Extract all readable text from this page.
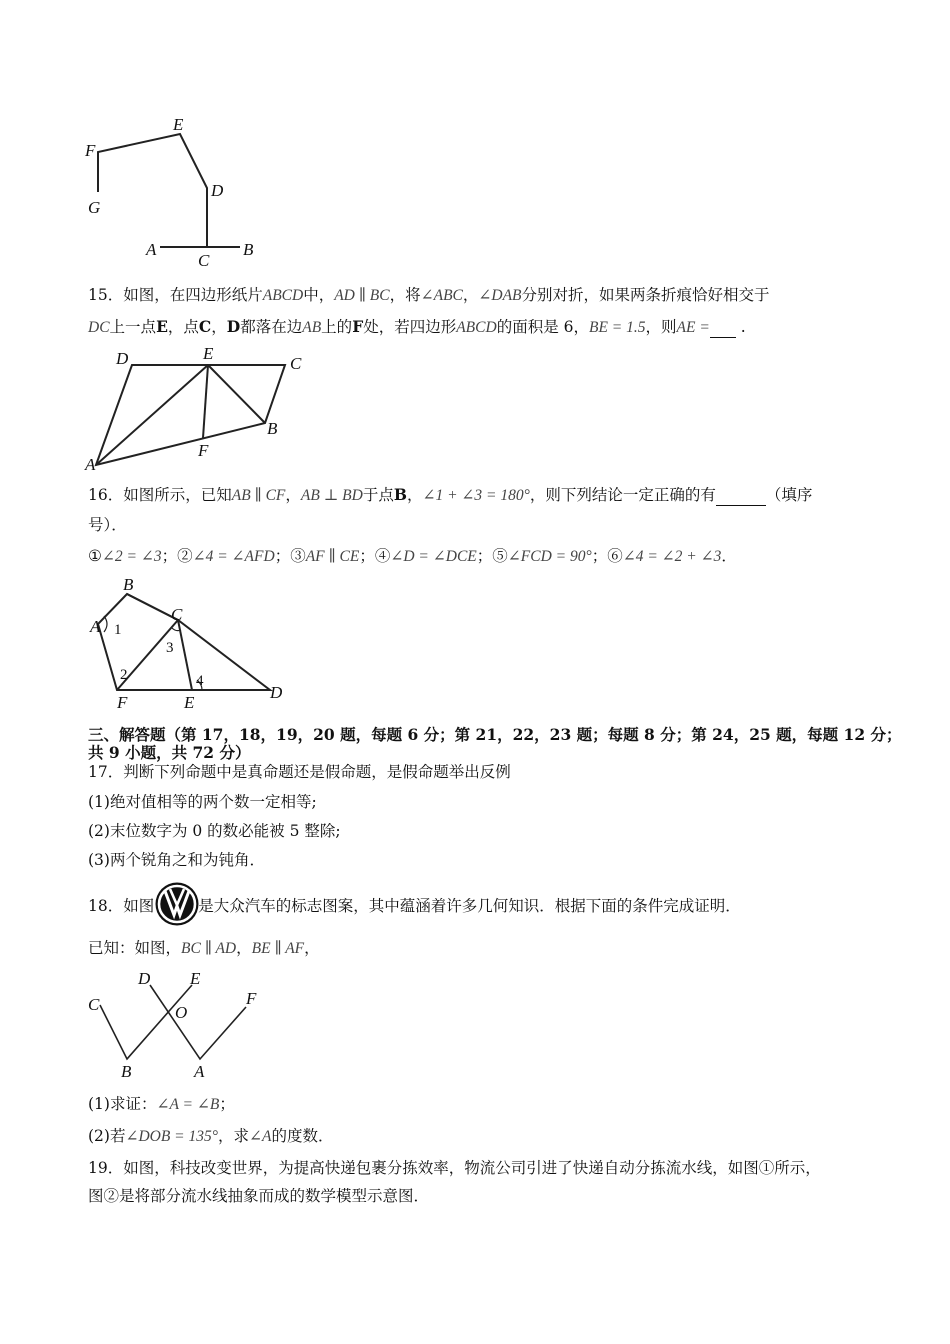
F
E
D
G
A	B
C
15．如图，在四边形纸片ABCD中，AD ∥ BC，将∠ABC，∠DAB分别对折，如果两条折痕恰好相交于
DC上一点E，点C，D都落在边AB上的F处，若四边形ABCD的面积是 6，BE = 1.5，则AE =  .
D	E
C
B
F
A
16．如图所示，已知AB ∥ CF，AB ⊥ BD于点B，∠1 + ∠3 = 180°，则下列结论一定正确的有	（填序
号）．
①∠2 = ∠3；②∠4 = ∠AFD；③AF ∥ CE；④∠D = ∠DCE；⑤∠FCD = 90°；⑥∠4 = ∠2 + ∠3．
B
A 1
C
3
2	4
F	E
D
三、解答题（第 17，18，19，20 题，每题 6 分；第 21，22，23 题；每题 8 分；第 24，25 题，每题 12 分；
共 9 小题，共 72 分）
17．判断下列命题中是真命题还是假命题，是假命题举出反例
(1)绝对值相等的两个数一定相等;
(2)末位数字为 0 的数必能被 5 整除;
(3)两个锐角之和为钝角．
18．如图	是大众汽车的标志图案，其中蕴涵着许多几何知识．根据下面的条件完成证明．
已知：如图，BC ∥ AD，BE ∥ AF，
D E
C	O
F
B	A
(1)求证：∠A = ∠B；
(2)若∠DOB = 135°，求∠A的度数．
19．如图，科技改变世界，为提高快递包裹分拣效率，物流公司引进了快递自动分拣流水线，如图①所示，
图②是将部分流水线抽象而成的数学模型示意图．
